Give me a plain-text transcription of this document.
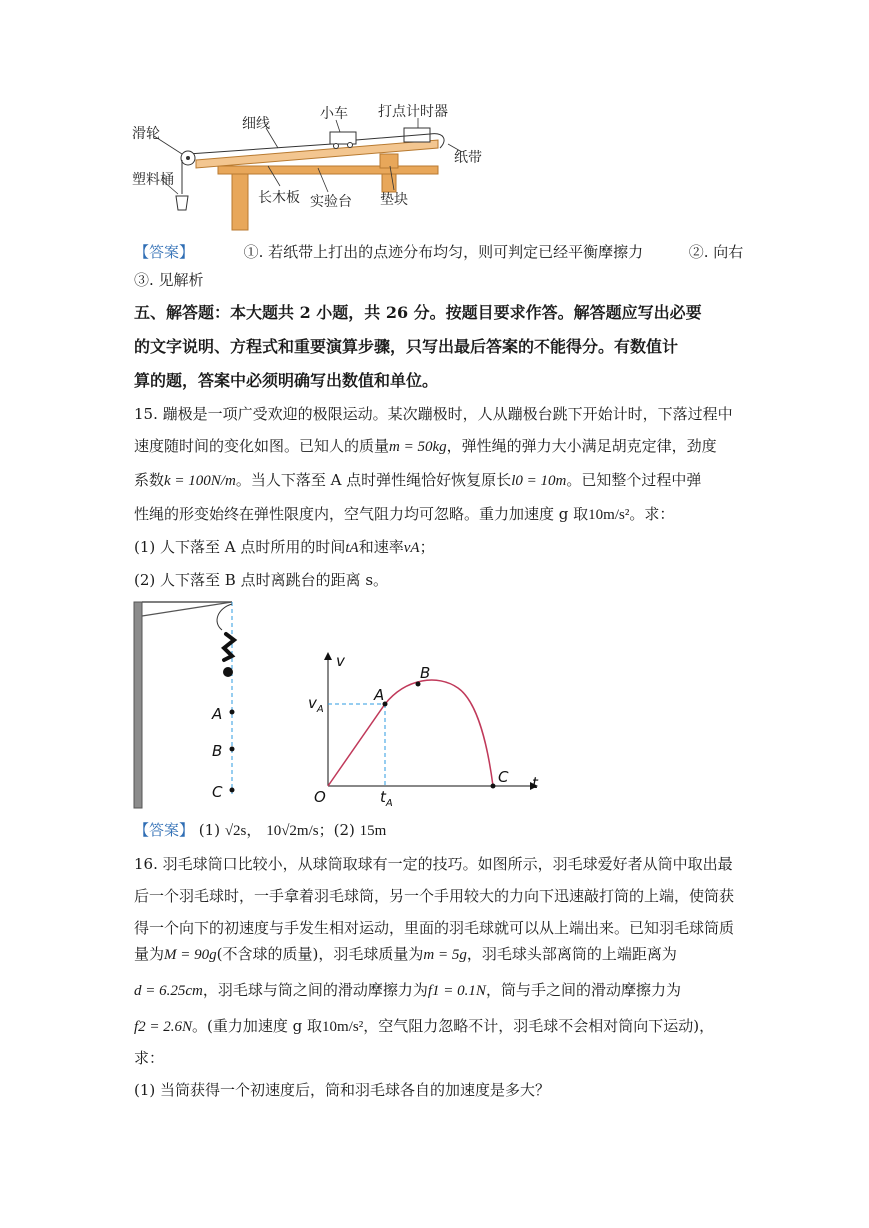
滑轮
细线
小车 打点计时器
纸带
塑料桶
长木板 实验台 垫块
【答案】	①. 若纸带上打出的点迹分布均匀，则可判定已经平衡摩擦力	②. 向右
③. 见解析
五、解答题：本大题共 2 小题，共 26 分。按题目要求作答。解答题应写出必要
的文字说明、方程式和重要演算步骤，只写出最后答案的不能得分。有数值计
算的题，答案中必须明确写出数值和单位。
15. 蹦极是一项广受欢迎的极限运动。某次蹦极时，人从蹦极台跳下开始计时，下落过程中
速度随时间的变化如图。已知人的质量m = 50kg，弹性绳的弹力大小满足胡克定律，劲度
系数k = 100N/m。当人下落至 A 点时弹性绳恰好恢复原长l0 = 10m。已知整个过程中弹
性绳的形变始终在弹性限度内，空气阻力均可忽略。重力加速度 g 取10m/s²。求：
(1) 人下落至 A 点时所用的时间tA和速率vA；
(2) 人下落至 B 点时离跳台的距离 s。
A
B
C
v
t
O
A
B
C
$v_A$
$t_A$
【答案】 (1) √2s， 10√2m/s；(2) 15m
16. 羽毛球筒口比较小，从球筒取球有一定的技巧。如图所示，羽毛球爱好者从筒中取出最
后一个羽毛球时，一手拿着羽毛球筒，另一个手用较大的力向下迅速敲打筒的上端，使筒获
得一个向下的初速度与手发生相对运动，里面的羽毛球就可以从上端出来。已知羽毛球筒质
量为M = 90g(不含球的质量)，羽毛球质量为m = 5g，羽毛球头部离筒的上端距离为
d = 6.25cm，羽毛球与筒之间的滑动摩擦力为f1 = 0.1N，筒与手之间的滑动摩擦力为
f2 = 2.6N。(重力加速度 g 取10m/s²，空气阻力忽略不计，羽毛球不会相对筒向下运动)，
求：
(1) 当筒获得一个初速度后，筒和羽毛球各自的加速度是多大？
